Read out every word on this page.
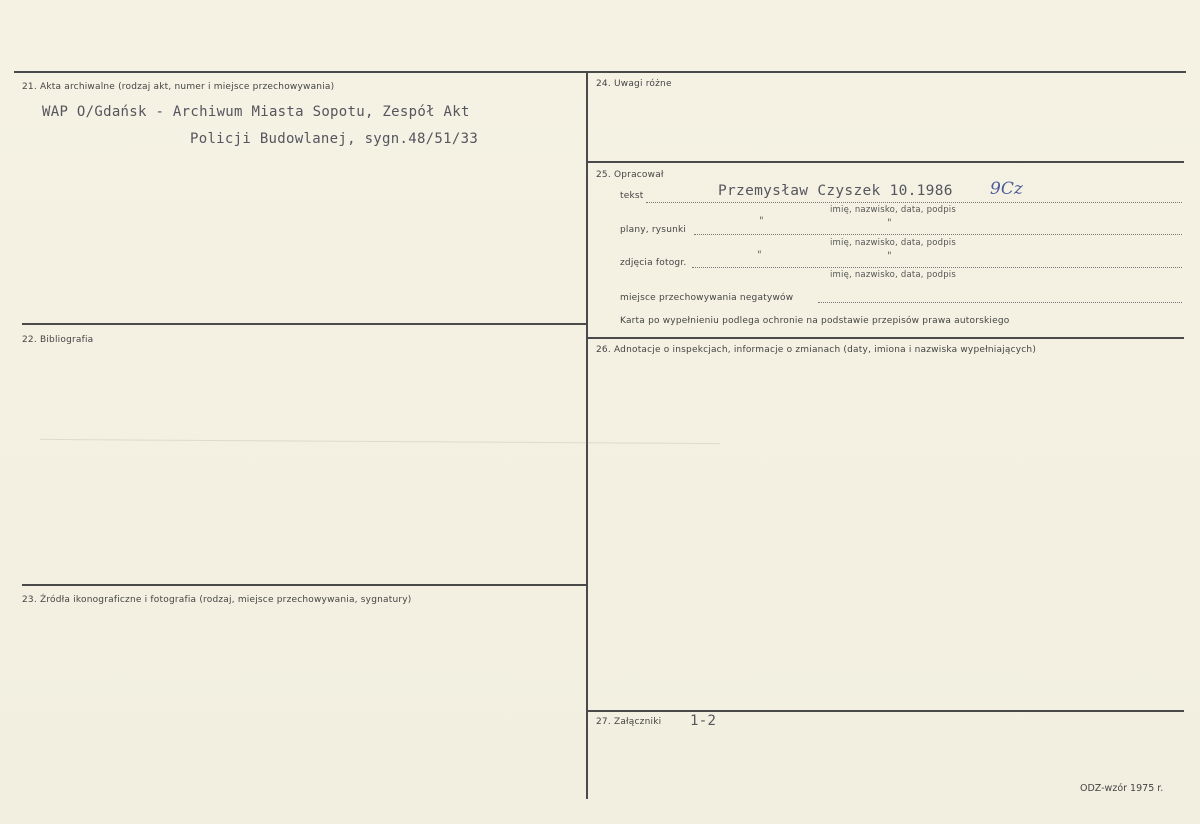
21. Akta archiwalne (rodzaj akt, numer i miejsce przechowywania)
WAP O/Gdańsk - Archiwum Miasta Sopotu, Zespół Akt
Policji Budowlanej, sygn.48/51/33
22. Bibliografia
23. Źródła ikonograficzne i fotografia (rodzaj, miejsce przechowywania, sygnatury)
24. Uwagi różne
25. Opracował
tekst	Przemysław Czyszek 10.1986 9Cz
imię, nazwisko, data, podpis
plany, rysunki
"	"
imię, nazwisko, data, podpis
zdjęcia fotogr.
"	"
imię, nazwisko, data, podpis
miejsce przechowywania negatywów
Karta po wypełnieniu podlega ochronie na podstawie przepisów prawa autorskiego
26. Adnotacje o inspekcjach, informacje o zmianach (daty, imiona i nazwiska wypełniających)
27. Załączniki 1-2
ODZ-wzór 1975 r.
